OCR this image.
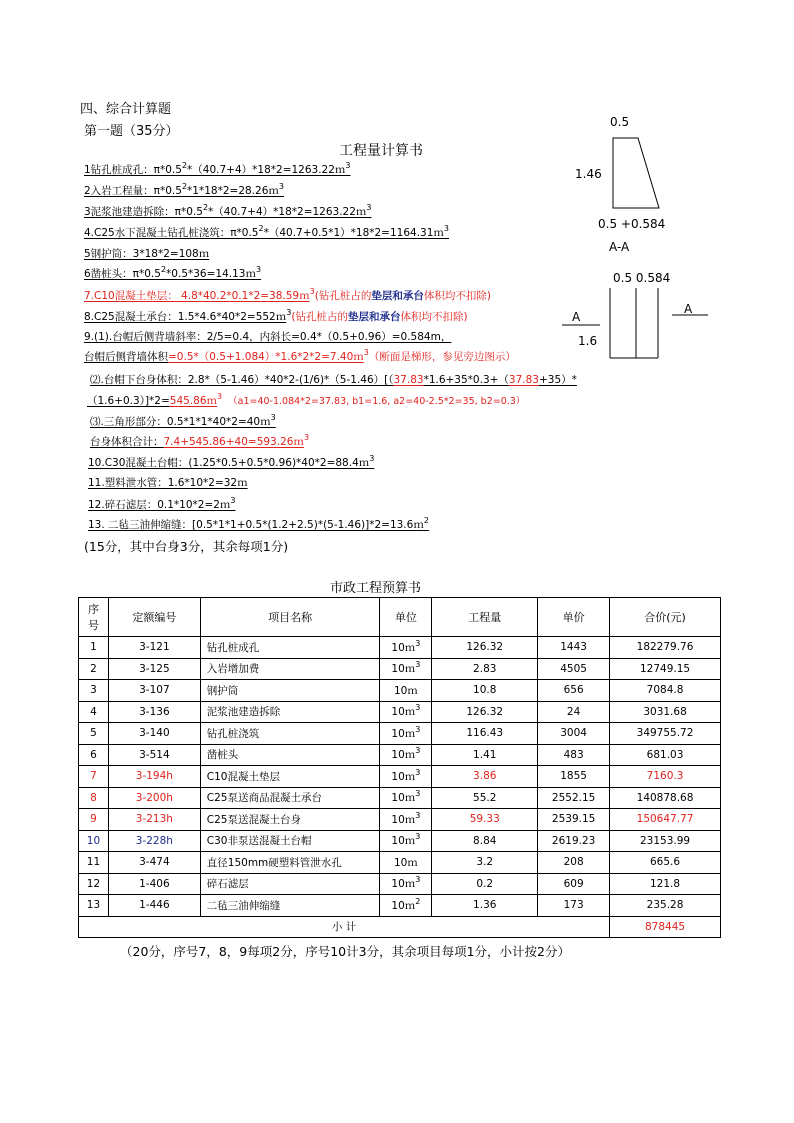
四、综合计算题
第一题（35分）
工程量计算书
1钻孔桩成孔：$\pi*0.5^2*(40.7+4)*18*2=1263.22m^3$
2入岩工程量：$\pi*0.5^2*1*18*2=28.26m^3$
3泥浆池建造拆除：$\pi*0.5^2*(40.7+4)*18*2=1263.22m^3$
4.C25水下混凝土钻孔桩浇筑：$\pi*0.5^2*(40.7+0.5*1)*18*2=1164.31m^3$
5钢护筒：3*18*2=108ｍ
6凿桩头：$\pi*0.5^2*0.5*36=14.13m^3$
7.C10混凝土垫层： 4.8*40.2*0.1*2=38.59ｍ$^3$(钻孔桩占的垫层和承台体积均不扣除)
8.C25混凝土承台：1.5*4.6*40*2=552ｍ$^3$(钻孔桩占的垫层和承台体积均不扣除)
9.(1).台帽后侧背墙斜率：2/5=0.4，内斜长=0.4*（0.5+0.96）=0.584m，
台帽后侧背墙体积=0.5*（0.5+1.084）*1.6*2*2=7.40ｍ$^3$（断面是梯形，参见旁边图示）
⑵.台帽下台身体积：2.8*（5-1.46）*40*2-(1/6)*（5-1.46）[（37.83*1.6+35*0.3+（37.83+35）*
（1.6+0.3）]*2=545.86ｍ$^3$ （a1=40-1.084*2=37.83, b1=1.6, a2=40-2.5*2=35, b2=0.3）
⑶.三角形部分：0.5*1*1*40*2=40ｍ$^3$
台身体积合计：7.4+545.86+40=593.26ｍ$^3$
10.C30混凝土台帽：(1.25*0.5+0.5*0.96)*40*2=88.4ｍ$^3$
11.塑料泄水管：1.6*10*2=32ｍ
12.碎石滤层：0.1*10*2=2ｍ$^3$
13. 二毡三油伸缩缝：[0.5*1*1+0.5*(1.2+2.5)*(5-1.46)]*2=13.6ｍ$^2$
(15分，其中台身3分，其余每项1分)
0.5
1.46
0.5 +0.584
A-A
0.5 0.584
A
A
1.6
市政工程预算书
序
号	定额编号	项目名称	单位	工程量	单价	合价(元)
1	3-121	钻孔桩成孔	10ｍ$^3$	126.32	1443	182279.76
2	3-125	入岩增加费	10ｍ$^3$	2.83	4505	12749.15
3	3-107	钢护筒	10ｍ	10.8	656	7084.8
4	3-136	泥浆池建造拆除	10ｍ$^3$	126.32	24	3031.68
5	3-140	钻孔桩浇筑	10ｍ$^3$	116.43	3004	349755.72
6	3-514	凿桩头	10ｍ$^3$	1.41	483	681.03
7	3-194h	C10混凝土垫层	10ｍ$^3$	3.86	1855	7160.3
8	3-200h	C25泵送商品混凝土承台	10ｍ$^3$	55.2	2552.15	140878.68
9	3-213h	C25泵送混凝土台身	10ｍ$^3$	59.33	2539.15	150647.77
10	3-228h	C30非泵送混凝土台帽	10ｍ$^3$	8.84	2619.23	23153.99
11	3-474	直径150mm硬塑料管泄水孔	10ｍ	3.2	208	665.6
12	1-406	碎石滤层	10ｍ$^3$	0.2	609	121.8
13	1-446	二毡三油伸缩缝	10ｍ$^2$	1.36	173	235.28
小 计						878445
（20分，序号7，8，9每项2分，序号10计3分，其余项目每项1分，小计按2分）
